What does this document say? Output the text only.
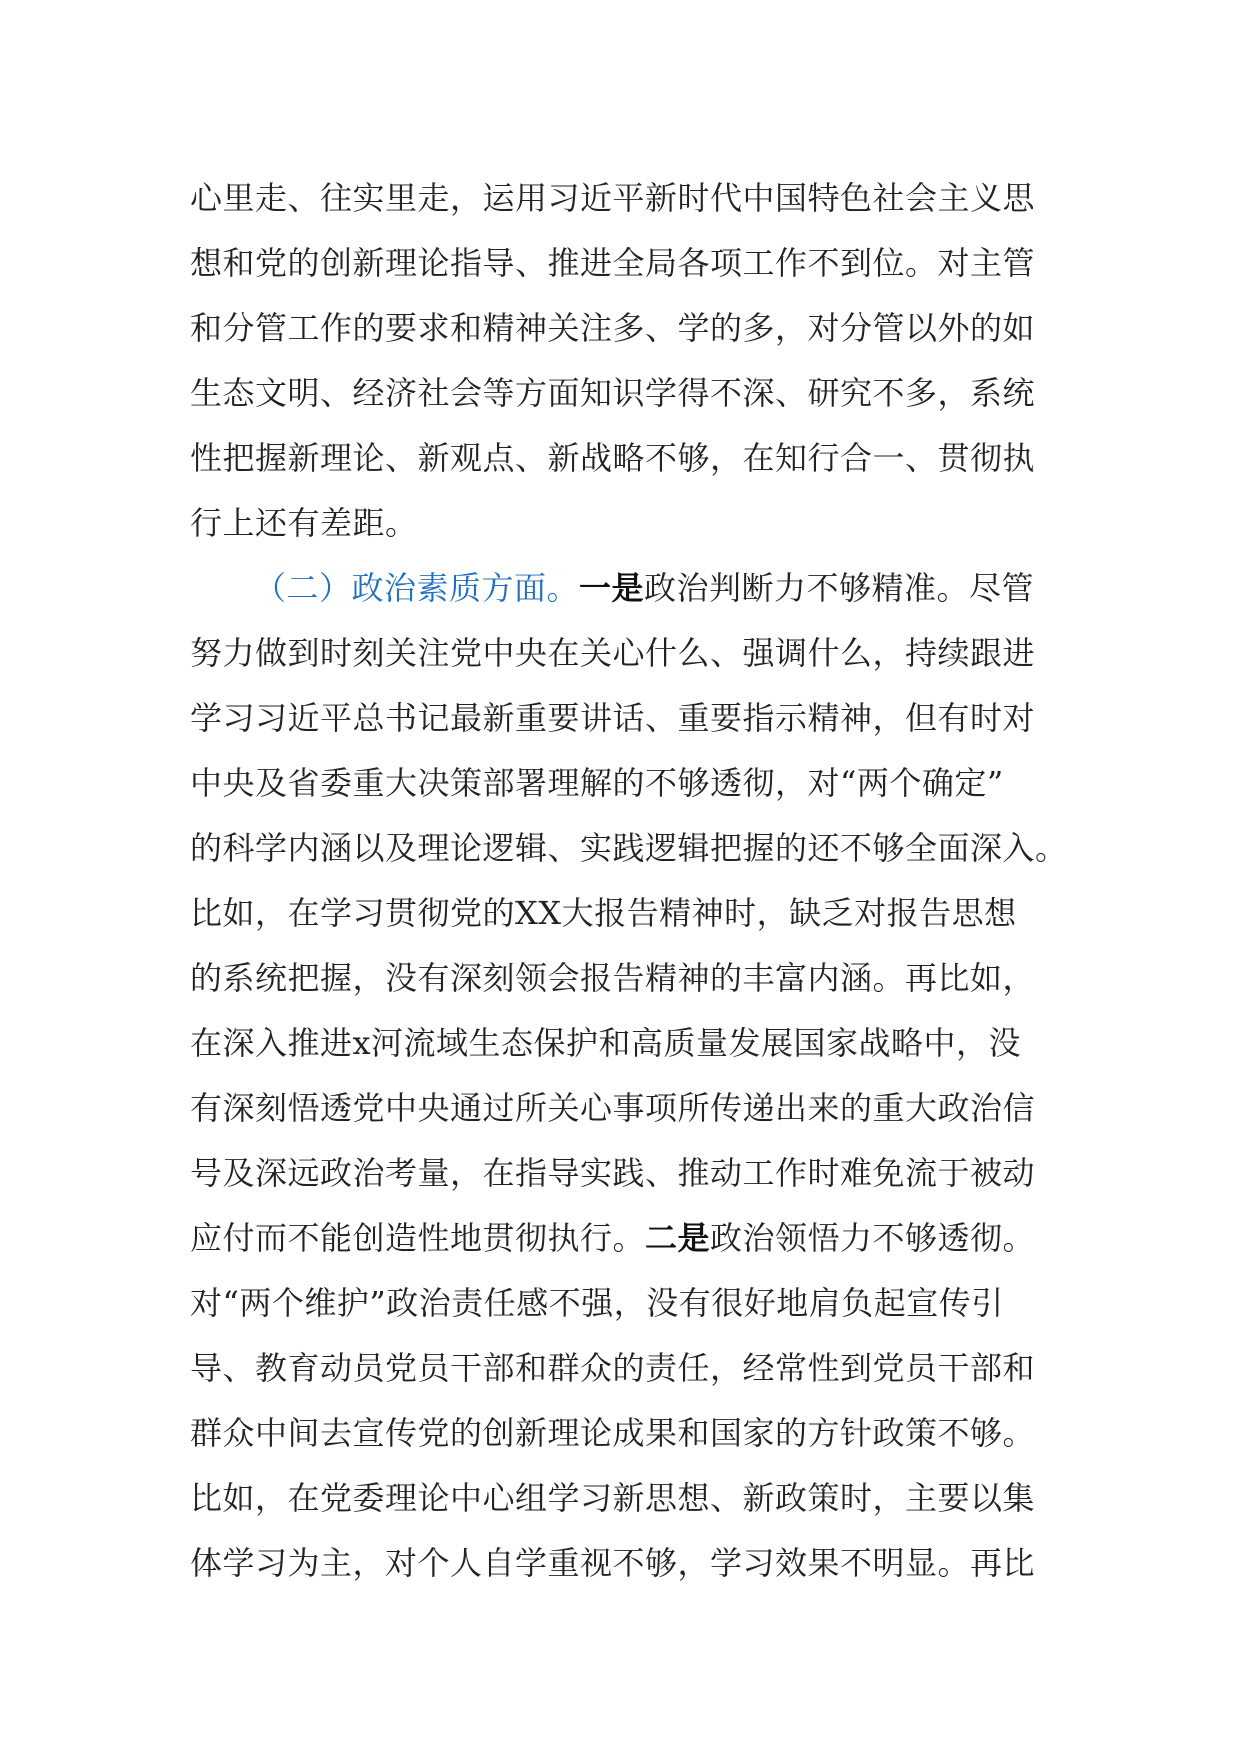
心里走、往实里走，运用习近平新时代中国特色社会主义思
想和党的创新理论指导、推进全局各项工作不到位。对主管
和分管工作的要求和精神关注多、学的多，对分管以外的如
生态文明、经济社会等方面知识学得不深、研究不多，系统
性把握新理论、新观点、新战略不够，在知行合一、贯彻执
行上还有差距。
（二）政治素质方面。一是政治判断力不够精准。尽管
努力做到时刻关注党中央在关心什么、强调什么，持续跟进
学习习近平总书记最新重要讲话、重要指示精神，但有时对
中央及省委重大决策部署理解的不够透彻，对“两个确定”
的科学内涵以及理论逻辑、实践逻辑把握的还不够全面深入。
比如，在学习贯彻党的XX大报告精神时，缺乏对报告思想
的系统把握，没有深刻领会报告精神的丰富内涵。再比如，
在深入推进x河流域生态保护和高质量发展国家战略中，没
有深刻悟透党中央通过所关心事项所传递出来的重大政治信
号及深远政治考量，在指导实践、推动工作时难免流于被动
应付而不能创造性地贯彻执行。二是政治领悟力不够透彻。
对“两个维护”政治责任感不强，没有很好地肩负起宣传引
导、教育动员党员干部和群众的责任，经常性到党员干部和
群众中间去宣传党的创新理论成果和国家的方针政策不够。
比如，在党委理论中心组学习新思想、新政策时，主要以集
体学习为主，对个人自学重视不够，学习效果不明显。再比
